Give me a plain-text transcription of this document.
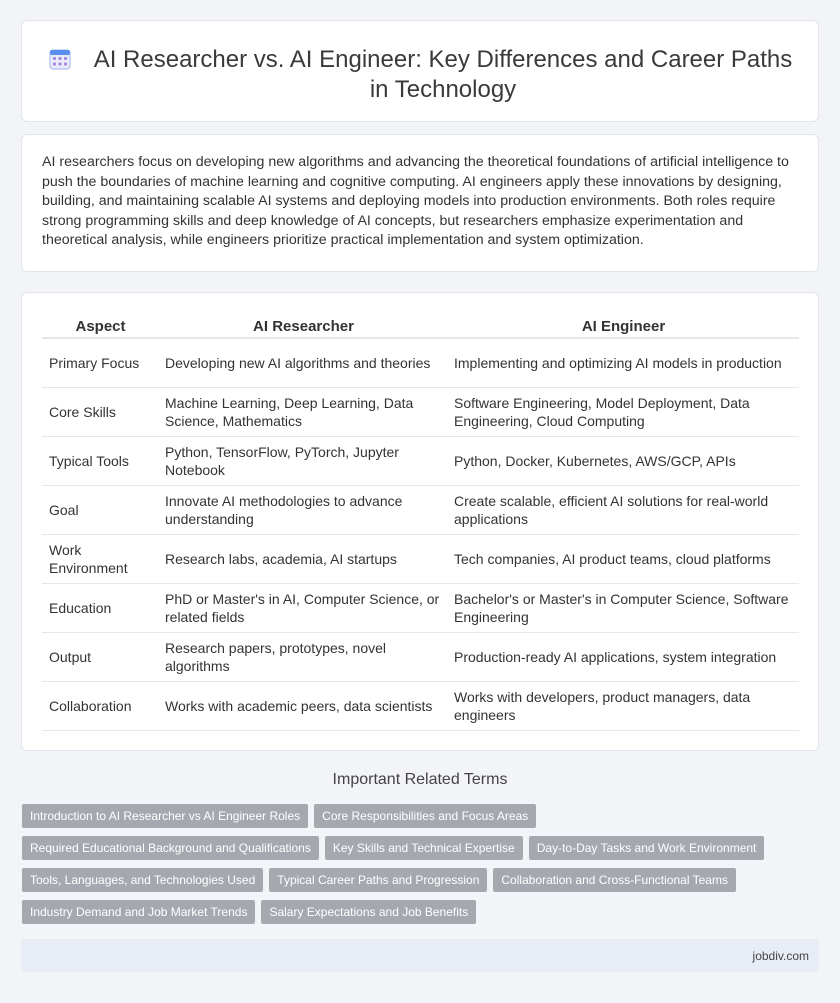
AI Researcher vs. AI Engineer: Key Differences and Career Paths in Technology

AI researchers focus on developing new algorithms and advancing the theoretical foundations of artificial intelligence to push the boundaries of machine learning and cognitive computing. AI engineers apply these innovations by designing, building, and maintaining scalable AI systems and deploying models into production environments. Both roles require strong programming skills and deep knowledge of AI concepts, but researchers emphasize experimentation and theoretical analysis, while engineers prioritize practical implementation and system optimization.

Aspect	AI Researcher	AI Engineer
Primary Focus	Developing new AI algorithms and theories	Implementing and optimizing AI models in production
Core Skills	Machine Learning, Deep Learning, Data Science, Mathematics	Software Engineering, Model Deployment, Data Engineering, Cloud Computing
Typical Tools	Python, TensorFlow, PyTorch, Jupyter Notebook	Python, Docker, Kubernetes, AWS/GCP, APIs
Goal	Innovate AI methodologies to advance understanding	Create scalable, efficient AI solutions for real-world applications
Work Environment	Research labs, academia, AI startups	Tech companies, AI product teams, cloud platforms
Education	PhD or Master's in AI, Computer Science, or related fields	Bachelor's or Master's in Computer Science, Software Engineering
Output	Research papers, prototypes, novel algorithms	Production-ready AI applications, system integration
Collaboration	Works with academic peers, data scientists	Works with developers, product managers, data engineers
Important Related Terms
Introduction to AI Researcher vs AI Engineer Roles	Core Responsibilities and Focus Areas
Required Educational Background and Qualifications	Key Skills and Technical Expertise	Day-to-Day Tasks and Work Environment
Tools, Languages, and Technologies Used	Typical Career Paths and Progression	Collaboration and Cross-Functional Teams
Industry Demand and Job Market Trends	Salary Expectations and Job Benefits
jobdiv.com
